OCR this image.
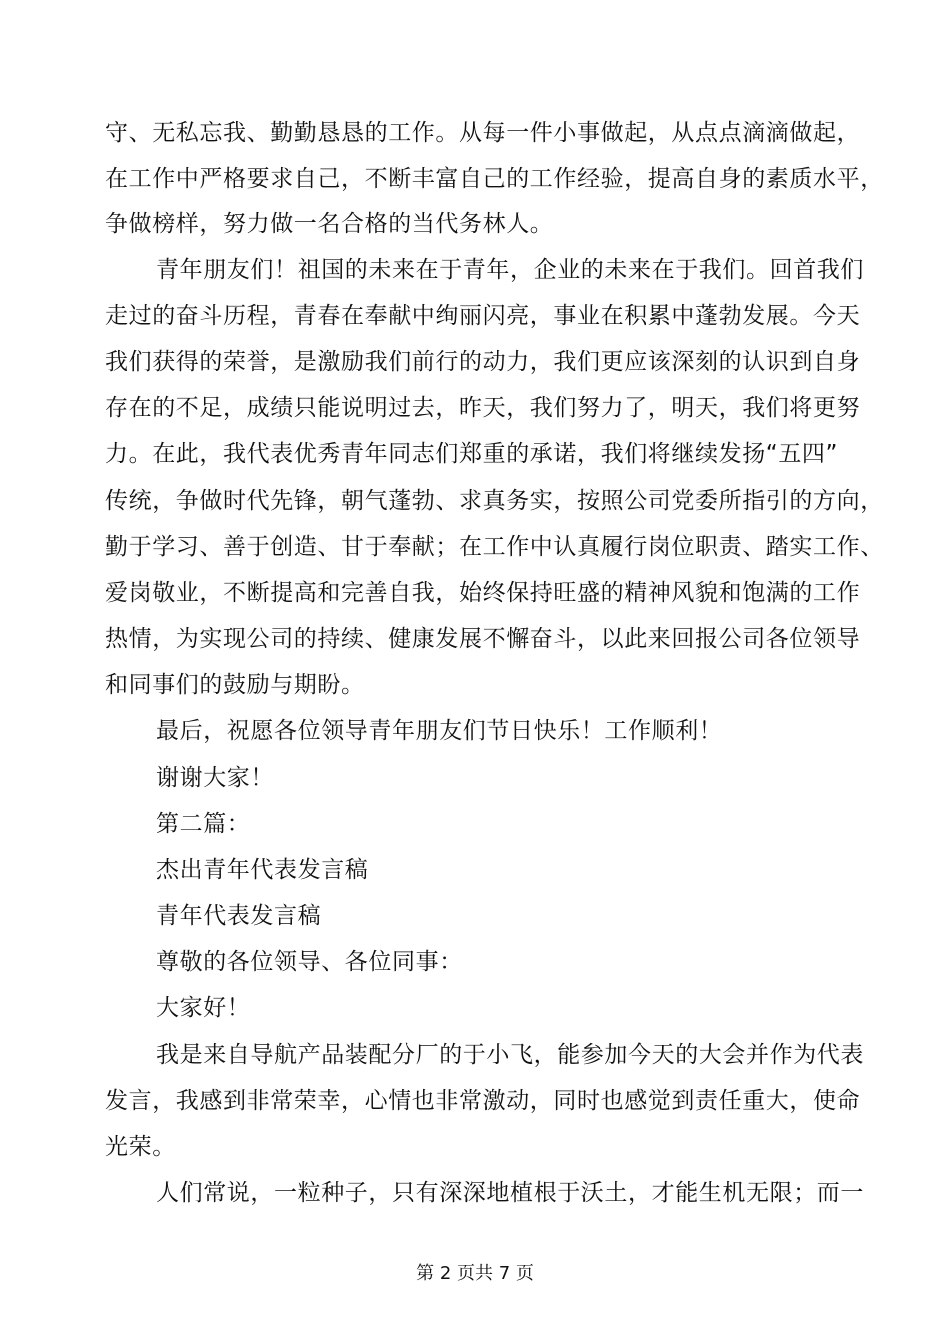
守、无私忘我、勤勤恳恳的工作。从每一件小事做起，从点点滴滴做起，
在工作中严格要求自己，不断丰富自己的工作经验，提高自身的素质水平，
争做榜样，努力做一名合格的当代务林人。
青年朋友们！祖国的未来在于青年，企业的未来在于我们。回首我们
走过的奋斗历程，青春在奉献中绚丽闪亮，事业在积累中蓬勃发展。今天
我们获得的荣誉，是激励我们前行的动力，我们更应该深刻的认识到自身
存在的不足，成绩只能说明过去，昨天，我们努力了，明天，我们将更努
力。在此，我代表优秀青年同志们郑重的承诺，我们将继续发扬“五四”
传统，争做时代先锋，朝气蓬勃、求真务实，按照公司党委所指引的方向，
勤于学习、善于创造、甘于奉献；在工作中认真履行岗位职责、踏实工作、
爱岗敬业，不断提高和完善自我，始终保持旺盛的精神风貌和饱满的工作
热情，为实现公司的持续、健康发展不懈奋斗，以此来回报公司各位领导
和同事们的鼓励与期盼。
最后，祝愿各位领导青年朋友们节日快乐！工作顺利！
谢谢大家！
第二篇：
杰出青年代表发言稿
青年代表发言稿
尊敬的各位领导、各位同事：
大家好！
我是来自导航产品装配分厂的于小飞，能参加今天的大会并作为代表
发言，我感到非常荣幸，心情也非常激动，同时也感觉到责任重大，使命
光荣。
人们常说，一粒种子，只有深深地植根于沃土，才能生机无限；而一
第 2 页共 7 页
